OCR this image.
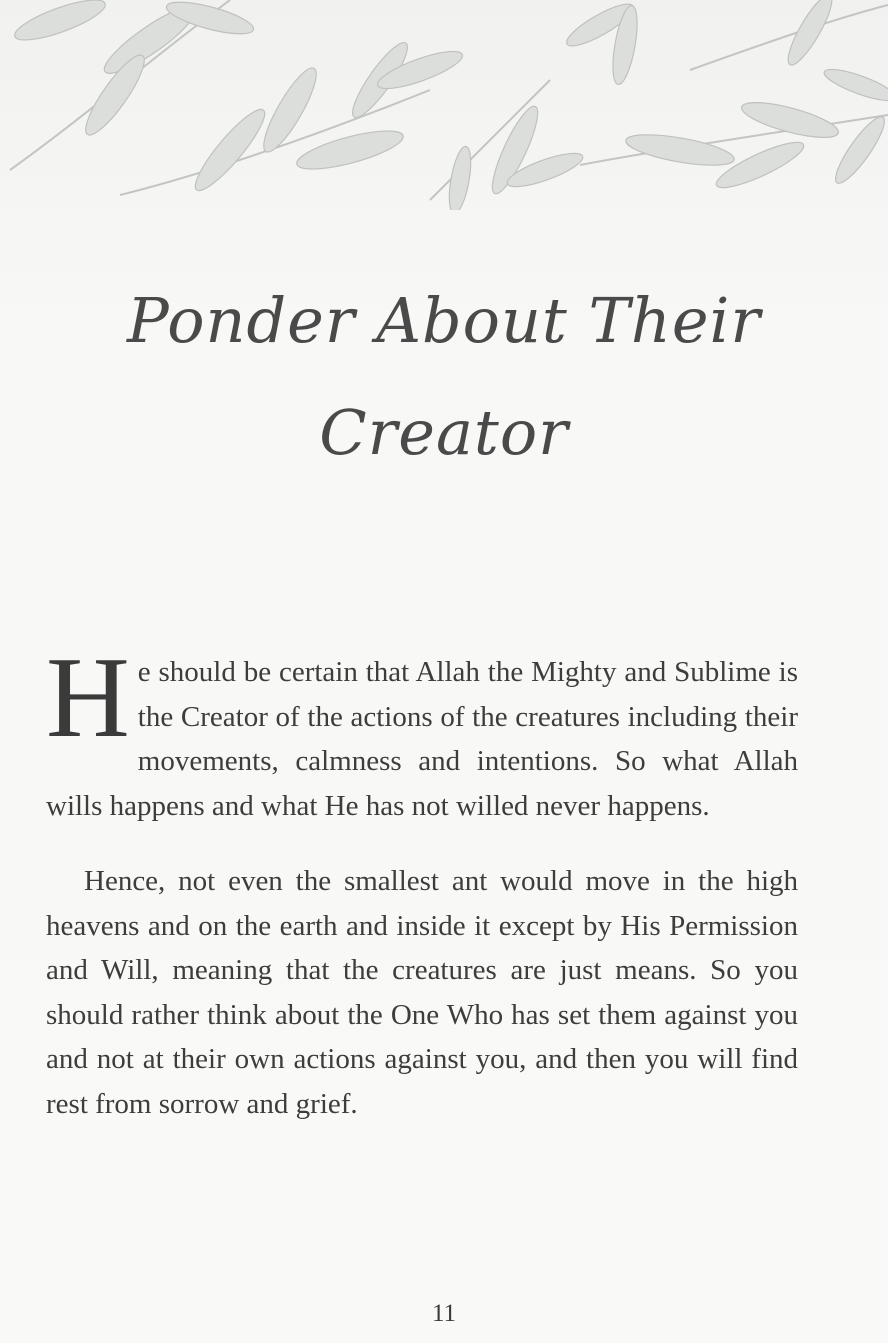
Ponder About Their
Creator

He should be certain that Allah the Mighty and Sublime is the Creator of the actions of the creatures including their movements, calmness and intentions. So what Allah wills happens and what He has not willed never happens.

Hence, not even the smallest ant would move in the high heavens and on the earth and inside it except by His Permission and Will, meaning that the creatures are just means. So you should rather think about the One Who has set them against you and not at their own actions against you, and then you will find rest from sorrow and grief.

11
